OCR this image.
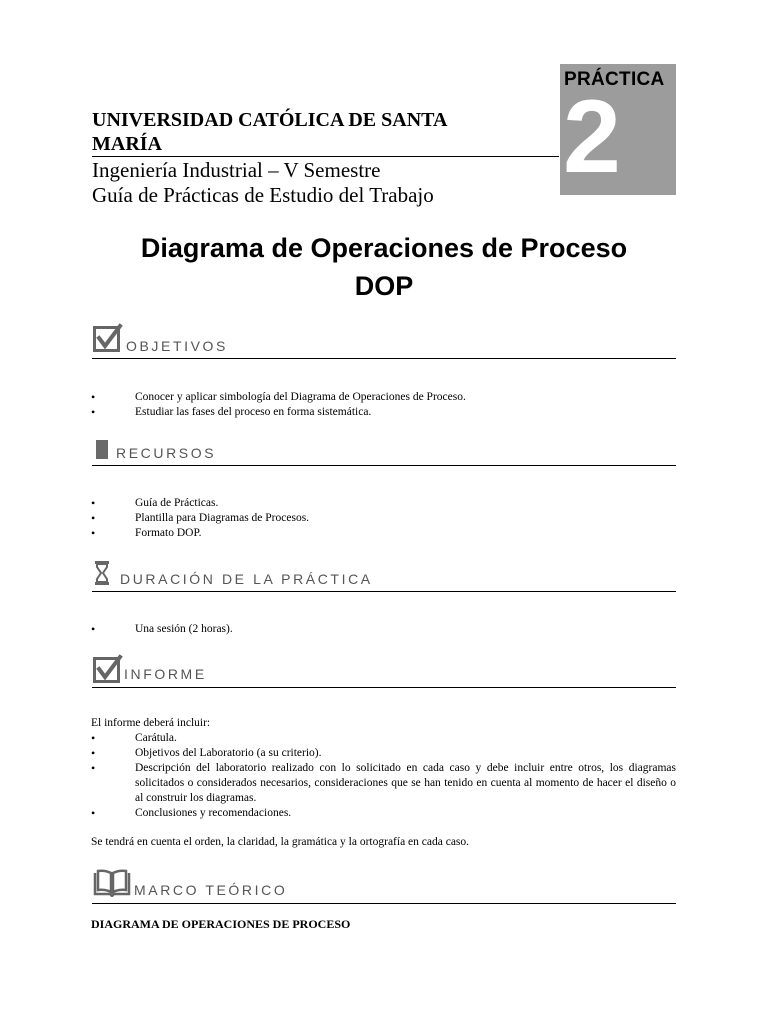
UNIVERSIDAD CATÓLICA DE SANTA MARÍA
Ingeniería Industrial – V Semestre
Guía de Prácticas de Estudio del Trabajo
PRÁCTICA
2
Diagrama de Operaciones de Proceso
DOP
OBJETIVOS
• Conocer y aplicar simbología del Diagrama de Operaciones de Proceso.
• Estudiar las fases del proceso en forma sistemática.
RECURSOS
• Guía de Prácticas.
• Plantilla para Diagramas de Procesos.
• Formato DOP.
DURACIÓN DE LA PRÁCTICA
• Una sesión (2 horas).
INFORME
El informe deberá incluir:
• Carátula.
• Objetivos del Laboratorio (a su criterio).
• Descripción del laboratorio realizado con lo solicitado en cada caso y debe incluir entre otros, los diagramas solicitados o considerados necesarios, consideraciones que se han tenido en cuenta al momento de hacer el diseño o al construir los diagramas.
• Conclusiones y recomendaciones.
Se tendrá en cuenta el orden, la claridad, la gramática y la ortografía en cada caso.
MARCO TEÓRICO
DIAGRAMA DE OPERACIONES DE PROCESO
